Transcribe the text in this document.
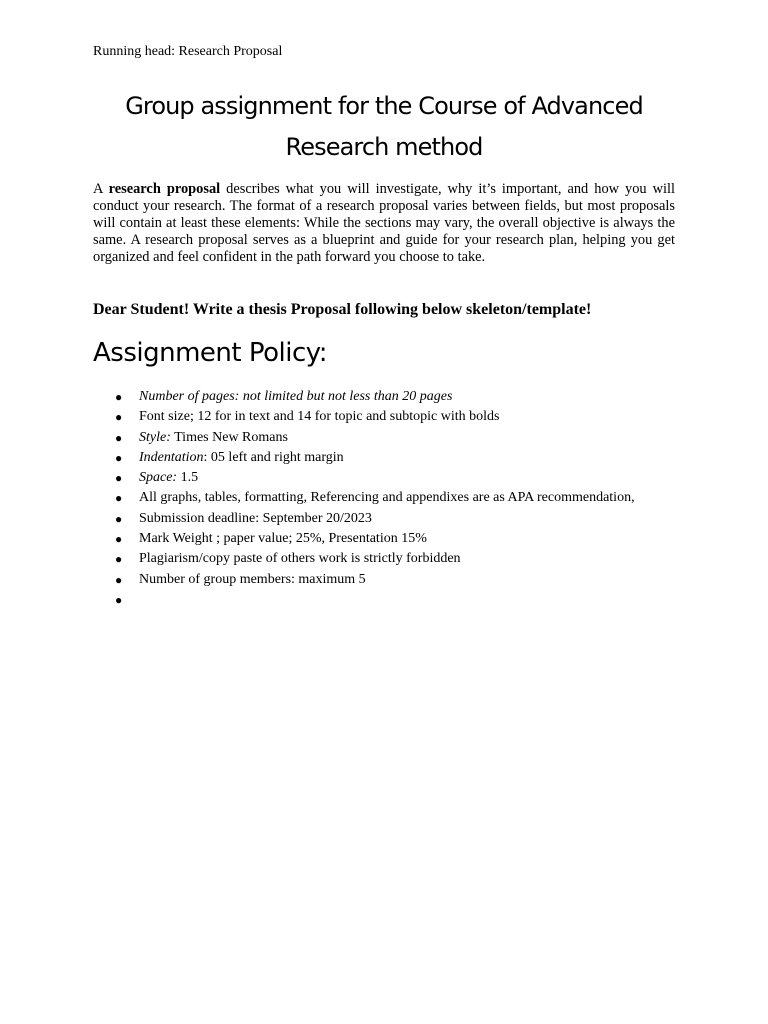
Running head: Research Proposal
Group assignment for the Course of Advanced
Research method

A research proposal describes what you will investigate, why it’s important, and how you will conduct your research. The format of a research proposal varies between fields, but most proposals will contain at least these elements: While the sections may vary, the overall objective is always the same. A research proposal serves as a blueprint and guide for your research plan, helping you get organized and feel confident in the path forward you choose to take.

Dear Student! Write a thesis Proposal following below skeleton/template!

Assignment Policy:
● Number of pages: not limited but not less than 20 pages
● Font size; 12 for in text and 14 for topic and subtopic with bolds
● Style: Times New Romans
● Indentation: 05 left and right margin
● Space: 1.5
● All graphs, tables, formatting, Referencing and appendixes are as APA recommendation,
● Submission deadline: September 20/2023
● Mark Weight ; paper value; 25%, Presentation 15%
● Plagiarism/copy paste of others work is strictly forbidden
● Number of group members: maximum 5
●
